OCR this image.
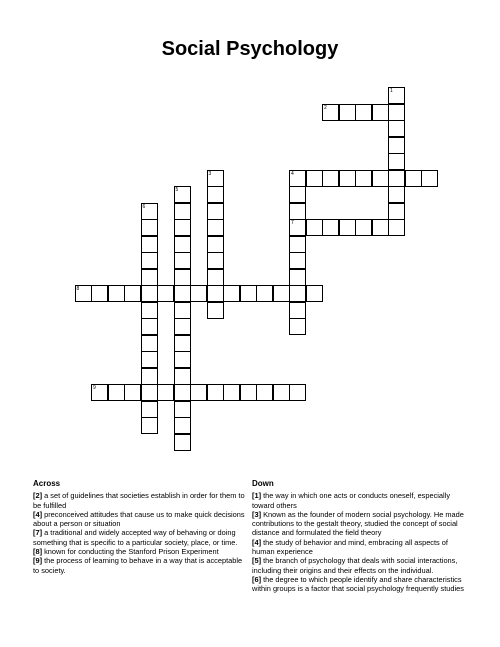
Social Psychology
1
2
3	4
7
5
6
8
9
Across
[2] a set of guidelines that societies establish in order for them to be fulfilled
[4] preconceived attitudes that cause us to make quick decisions about a person or situation
[7] a traditional and widely accepted way of behaving or doing something that is specific to a particular society, place, or time.
[8] known for conducting the Stanford Prison Experiment
[9] the process of learning to behave in a way that is acceptable to society.
Down
[1] the way in which one acts or conducts oneself, especially toward others
[3] Known as the founder of modern social psychology. He made contributions to the gestalt theory, studied the concept of social distance and formulated the field theory
[4] the study of behavior and mind, embracing all aspects of human experience
[5] the branch of psychology that deals with social interactions, including their origins and their effects on the individual.
[6] the degree to which people identify and share characteristics within groups is a factor that social psychology frequently studies
